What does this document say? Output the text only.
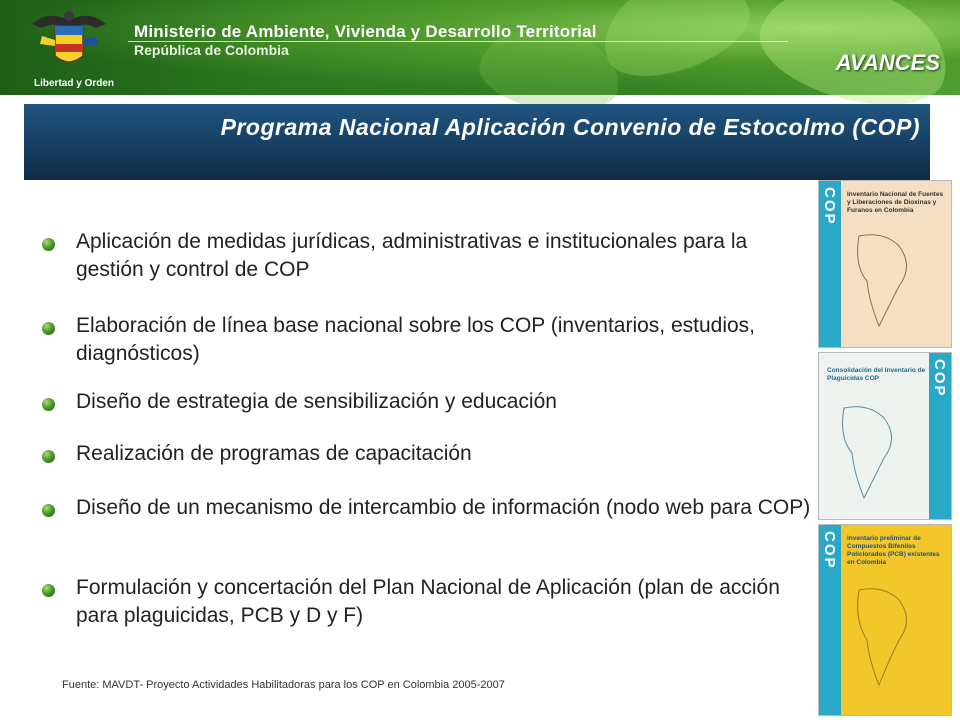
Libertad y Orden
Ministerio de Ambiente, Vivienda y Desarrollo Territorial
República de Colombia	AVANCES
Programa Nacional Aplicación Convenio de Estocolmo (COP)
Aplicación de medidas jurídicas, administrativas e institucionales para la gestión y control de COP
Elaboración de línea base nacional sobre los COP (inventarios, estudios, diagnósticos)
Diseño de estrategia de sensibilización y educación
Realización de programas de capacitación
Diseño de un mecanismo de intercambio de información (nodo web para COP)
Formulación y concertación del Plan Nacional de Aplicación (plan de acción para plaguicidas, PCB y D y F)
Fuente: MAVDT- Proyecto Actividades Habilitadoras para los COP en Colombia 2005-2007
COP Inventario Nacional de Fuentes y Liberaciones de Dioxinas y Furanos en Colombia
COP
Consolidación del Inventario de Plaguicidas COP
COP Inventario preliminar de Compuestos Bifenilos Policlorados (PCB) existentes en Colombia
